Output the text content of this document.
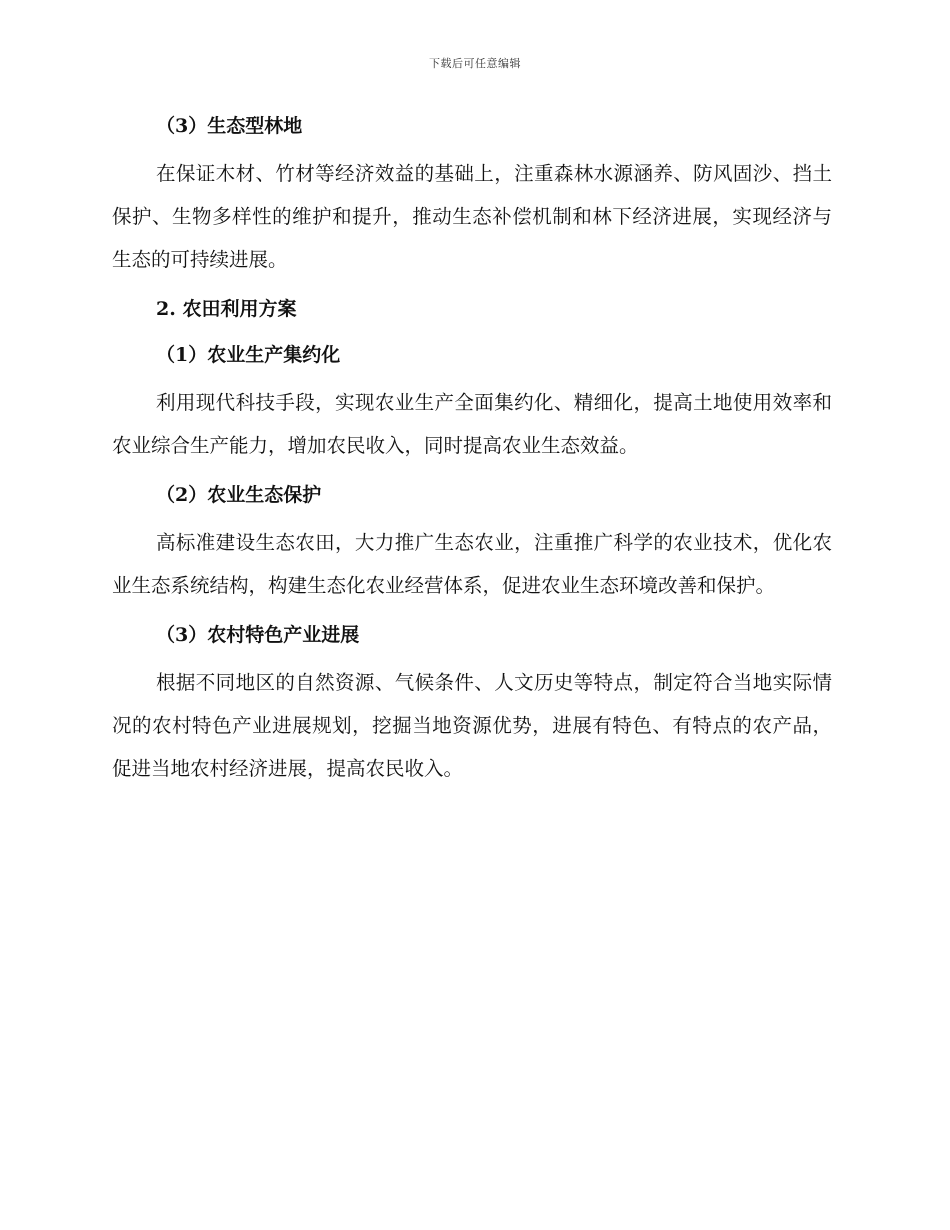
下载后可任意编辑

（3）生态型林地

在保证木材、竹材等经济效益的基础上，注重森林水源涵养、防风固沙、挡土保护、生物多样性的维护和提升，推动生态补偿机制和林下经济进展，实现经济与生态的可持续进展。

2. 农田利用方案

（1）农业生产集约化

利用现代科技手段，实现农业生产全面集约化、精细化，提高土地使用效率和农业综合生产能力，增加农民收入，同时提高农业生态效益。

（2）农业生态保护

高标准建设生态农田，大力推广生态农业，注重推广科学的农业技术，优化农业生态系统结构，构建生态化农业经营体系，促进农业生态环境改善和保护。

（3）农村特色产业进展

根据不同地区的自然资源、气候条件、人文历史等特点，制定符合当地实际情况的农村特色产业进展规划，挖掘当地资源优势，进展有特色、有特点的农产品，促进当地农村经济进展，提高农民收入。
